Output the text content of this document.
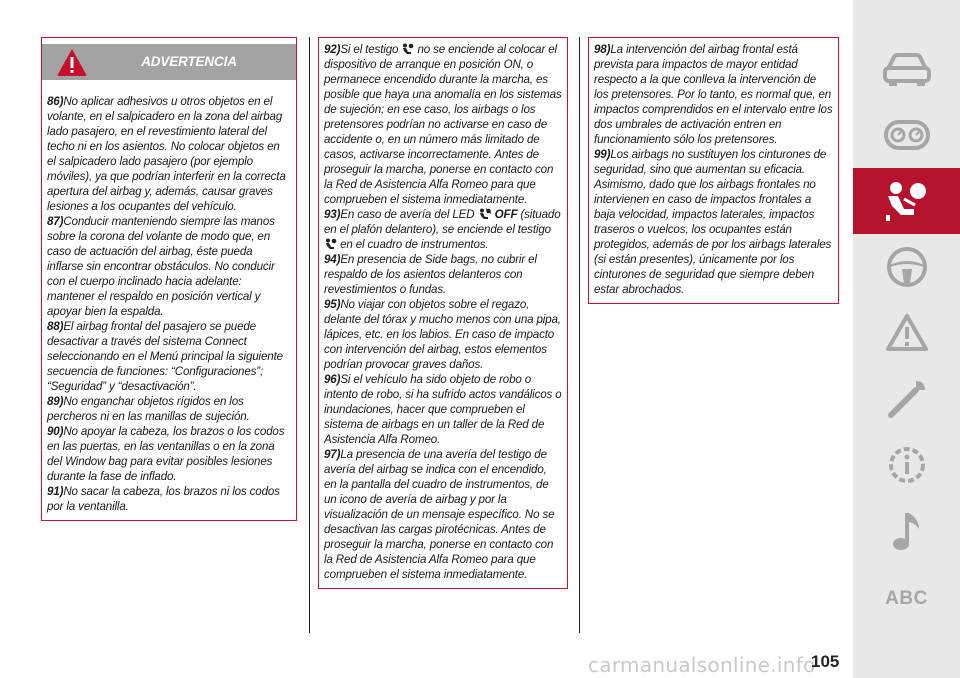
ADVERTENCIA

86)No aplicar adhesivos u otros objetos en el volante, en el salpicadero en la zona del airbag lado pasajero, en el revestimiento lateral del techo ni en los asientos. No colocar objetos en el salpicadero lado pasajero (por ejemplo móviles), ya que podrían interferir en la correcta apertura del airbag y, además, causar graves lesiones a los ocupantes del vehículo.

87)Conducir manteniendo siempre las manos sobre la corona del volante de modo que, en caso de actuación del airbag, éste pueda inflarse sin encontrar obstáculos. No conducir con el cuerpo inclinado hacia adelante: mantener el respaldo en posición vertical y apoyar bien la espalda.

88)El airbag frontal del pasajero se puede desactivar a través del sistema Connect seleccionando en el Menú principal la siguiente secuencia de funciones: “Configuraciones”; “Seguridad” y “desactivación”.

89)No enganchar objetos rígidos en los percheros ni en las manillas de sujeción.

90)No apoyar la cabeza, los brazos o los codos en las puertas, en las ventanillas o en la zona del Window bag para evitar posibles lesiones durante la fase de inflado.

91)No sacar la cabeza, los brazos ni los codos por la ventanilla.

92)Si el testigo no se enciende al colocar el dispositivo de arranque en posición ON, o permanece encendido durante la marcha, es posible que haya una anomalía en los sistemas de sujeción; en ese caso, los airbags o los pretensores podrían no activarse en caso de accidente o, en un número más limitado de casos, activarse incorrectamente. Antes de proseguir la marcha, ponerse en contacto con la Red de Asistencia Alfa Romeo para que comprueben el sistema inmediatamente.

93)En caso de avería del LED OFF (situado en el plafón delantero), se enciende el testigo  en el cuadro de instrumentos.

94)En presencia de Side bags, no cubrir el respaldo de los asientos delanteros con revestimientos o fundas.

95)No viajar con objetos sobre el regazo, delante del tórax y mucho menos con una pipa, lápices, etc. en los labios. En caso de impacto con intervención del airbag, estos elementos podrían provocar graves daños.

96)Si el vehículo ha sido objeto de robo o intento de robo, si ha sufrido actos vandálicos o inundaciones, hacer que comprueben el sistema de airbags en un taller de la Red de Asistencia Alfa Romeo.

97)La presencia de una avería del testigo de avería del airbag se indica con el encendido, en la pantalla del cuadro de instrumentos, de un icono de avería de airbag y por la visualización de un mensaje específico. No se desactivan las cargas pirotécnicas. Antes de proseguir la marcha, ponerse en contacto con la Red de Asistencia Alfa Romeo para que comprueben el sistema inmediatamente.

98)La intervención del airbag frontal está prevista para impactos de mayor entidad respecto a la que conlleva la intervención de los pretensores. Por lo tanto, es normal que, en impactos comprendidos en el intervalo entre los dos umbrales de activación entren en funcionamiento sólo los pretensores.

99)Los airbags no sustituyen los cinturones de seguridad, sino que aumentan su eficacia. Asimismo, dado que los airbags frontales no intervienen en caso de impactos frontales a baja velocidad, impactos laterales, impactos traseros o vuelcos, los ocupantes están protegidos, además de por los airbags laterales (si están presentes), únicamente por los cinturones de seguridad que siempre deben estar abrochados.

ABC
carmanualsonline.info
105
